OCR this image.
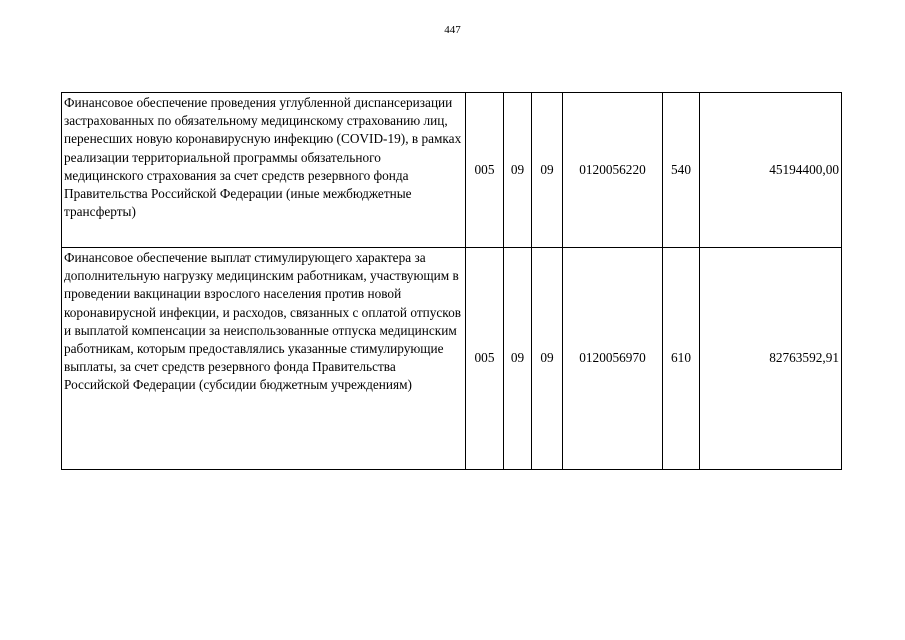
447
Финансовое обеспечение проведения углубленной диспансеризации застрахованных по обязательному медицинскому страхованию лиц, перенесших новую коронавирусную инфекцию (COVID-19), в рамках реализации территориальной программы обязательного медицинского страхования за счет средств резервного фонда Правительства Российской Федерации (иные межбюджетные трансферты)	005	09	09	0120056220	540	45194400,00
Финансовое обеспечение выплат стимулирующего характера за дополнительную нагрузку медицинским работникам, участвующим в проведении вакцинации взрослого населения против новой коронавирусной инфекции, и расходов, связанных с оплатой отпусков и выплатой компенсации за неиспользованные отпуска медицинским работникам, которым предоставлялись указанные стимулирующие выплаты, за счет средств резервного фонда Правительства Российской Федерации (субсидии бюджетным учреждениям)	005	09	09	0120056970	610	82763592,91
